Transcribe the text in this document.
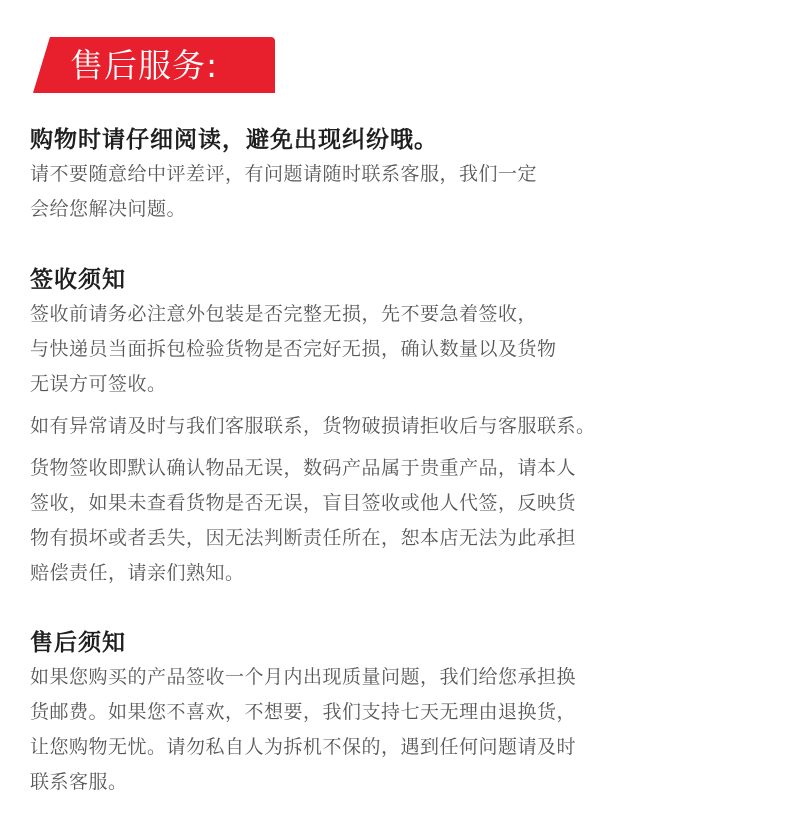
售后服务:
购物时请仔细阅读，避免出现纠纷哦。

请不要随意给中评差评，有问题请随时联系客服，我们一定
会给您解决问题。

签收须知

签收前请务必注意外包装是否完整无损，先不要急着签收，
与快递员当面拆包检验货物是否完好无损，确认数量以及货物
无误方可签收。

如有异常请及时与我们客服联系，货物破损请拒收后与客服联系。

货物签收即默认确认物品无误，数码产品属于贵重产品，请本人
签收，如果未查看货物是否无误，盲目签收或他人代签，反映货
物有损坏或者丢失，因无法判断责任所在，恕本店无法为此承担
赔偿责任，请亲们熟知。

售后须知

如果您购买的产品签收一个月内出现质量问题，我们给您承担换
货邮费。如果您不喜欢，不想要，我们支持七天无理由退换货，
让您购物无忧。请勿私自人为拆机不保的，遇到任何问题请及时
联系客服。
